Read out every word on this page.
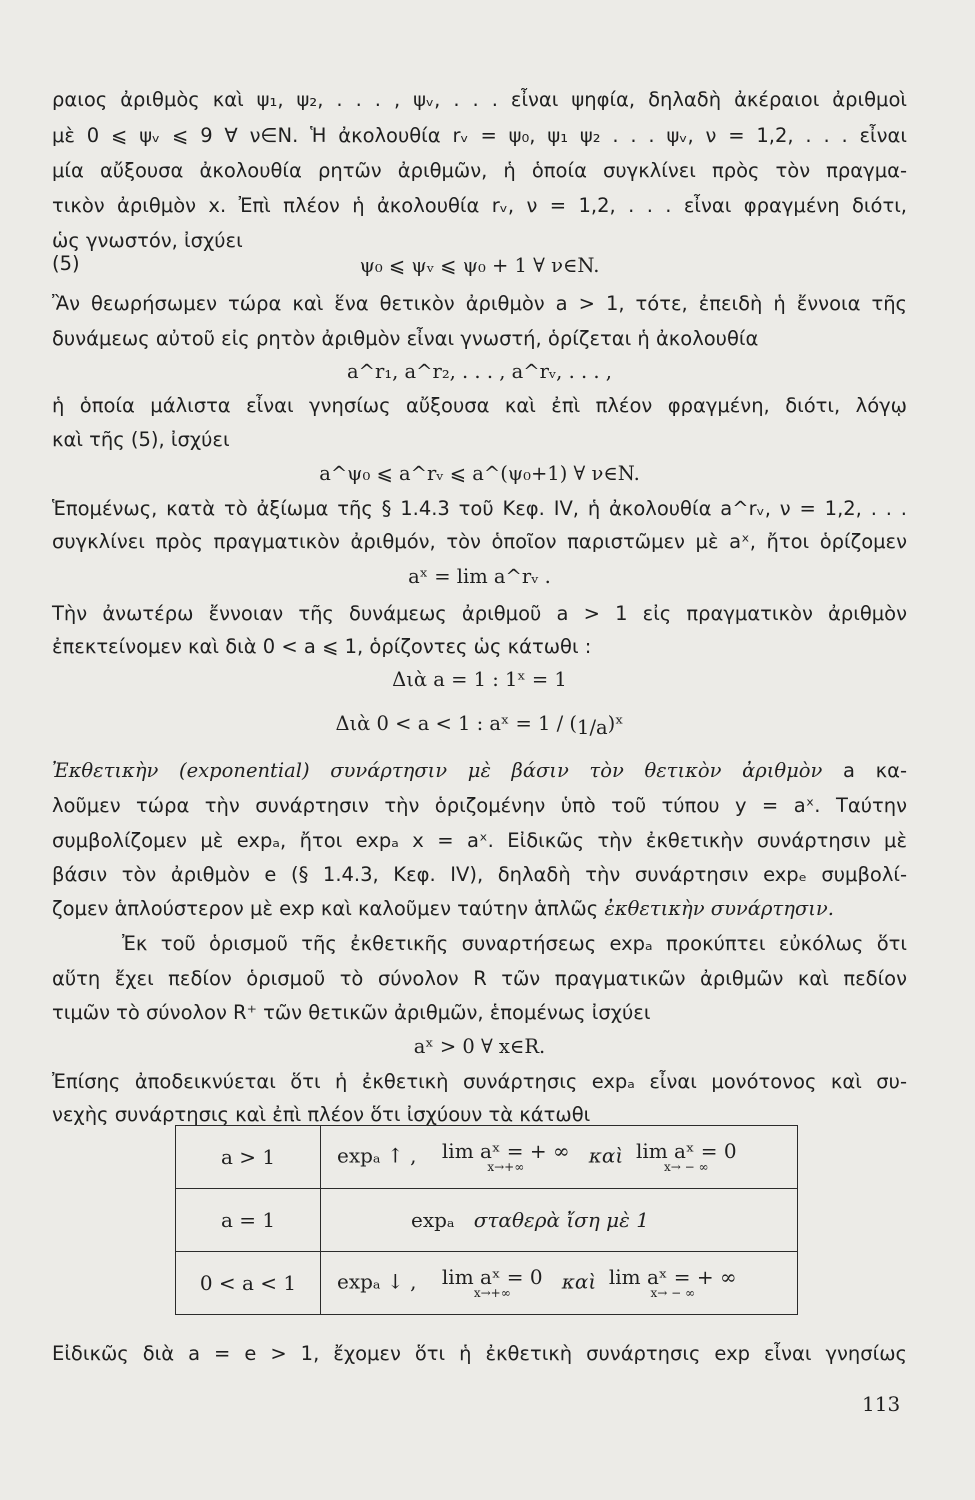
ραιος ἀριθμὸς καὶ ψ₁, ψ₂, . . . , ψᵥ, . . . εἶναι ψηφία, δηλαδὴ ἀκέραιοι ἀριθμοὶ
μὲ 0 ⩽ ψᵥ ⩽ 9 ∀ ν∈N. Ἡ ἀκολουθία rᵥ = ψ₀, ψ₁ ψ₂ . . . ψᵥ, ν = 1,2, . . . εἶναι
μία αὔξουσα ἀκολουθία ρητῶν ἀριθμῶν, ἡ ὁποία συγκλίνει πρὸς τὸν πραγμα-
τικὸν ἀριθμὸν x. Ἐπὶ πλέον ἡ ἀκολουθία rᵥ, ν = 1,2, . . . εἶναι φραγμένη διότι,
ὡς γνωστόν, ἰσχύει
(5)	ψ₀ ⩽ ψᵥ ⩽ ψ₀ + 1 ∀ ν∈N.
Ἂν θεωρήσωμεν τώρα καὶ ἕνα θετικὸν ἀριθμὸν a > 1, τότε, ἐπειδὴ ἡ ἔννοια τῆς
δυνάμεως αὐτοῦ εἰς ρητὸν ἀριθμὸν εἶναι γνωστή, ὁρίζεται ἡ ἀκολουθία
a^r₁, a^r₂, . . . , a^rᵥ, . . . ,
ἡ ὁποία μάλιστα εἶναι γνησίως αὔξουσα καὶ ἐπὶ πλέον φραγμένη, διότι, λόγῳ
καὶ τῆς (5), ἰσχύει
a^ψ₀ ⩽ a^rᵥ ⩽ a^(ψ₀+1) ∀ ν∈N.
Ἑπομένως, κατὰ τὸ ἀξίωμα τῆς § 1.4.3 τοῦ Κεφ. IV, ἡ ἀκολουθία a^rᵥ, ν = 1,2, . . .
συγκλίνει πρὸς πραγματικὸν ἀριθμόν, τὸν ὁποῖον παριστῶμεν μὲ aˣ, ἤτοι ὁρίζομεν
aˣ = lim a^rᵥ .
Τὴν ἀνωτέρω ἔννοιαν τῆς δυνάμεως ἀριθμοῦ a > 1 εἰς πραγματικὸν ἀριθμὸν
ἐπεκτείνομεν καὶ διὰ 0 < a ⩽ 1, ὁρίζοντες ὡς κάτωθι :
Διὰ a = 1 : 1ˣ = 1
Διὰ 0 < a < 1 : aˣ = 1 / (1/a)ˣ
Ἐκθετικὴν (exponential) συνάρτησιν μὲ βάσιν τὸν θετικὸν ἀριθμὸν a κα-
λοῦμεν τώρα τὴν συνάρτησιν τὴν ὁριζομένην ὑπὸ τοῦ τύπου y = aˣ. Ταύτην
συμβολίζομεν μὲ expₐ, ἤτοι expₐ x = aˣ. Εἰδικῶς τὴν ἐκθετικὴν συνάρτησιν μὲ
βάσιν τὸν ἀριθμὸν e (§ 1.4.3, Κεφ. IV), δηλαδὴ τὴν συνάρτησιν expₑ συμβολί-
ζομεν ἁπλούστερον μὲ exp καὶ καλοῦμεν ταύτην ἁπλῶς ἐκθετικὴν συνάρτησιν.
Ἐκ τοῦ ὁρισμοῦ τῆς ἐκθετικῆς συναρτήσεως expₐ προκύπτει εὐκόλως ὅτι
αὕτη ἔχει πεδίον ὁρισμοῦ τὸ σύνολον R τῶν πραγματικῶν ἀριθμῶν καὶ πεδίον
τιμῶν τὸ σύνολον R⁺ τῶν θετικῶν ἀριθμῶν, ἑπομένως ἰσχύει
aˣ > 0 ∀ x∈R.
Ἐπίσης ἀποδεικνύεται ὅτι ἡ ἐκθετικὴ συνάρτησις expₐ εἶναι μονότονος καὶ συ-
νεχὴς συνάρτησις καὶ ἐπὶ πλέον ὅτι ἰσχύουν τὰ κάτωθι
a > 1	expₐ ↑ , lim aˣ = + ∞
x→+∞ καὶ lim aˣ = 0
x→ − ∞

a = 1	expₐ σταθερὰ ἴση μὲ 1
0 < a < 1	expₐ ↓ , lim aˣ = 0
x→+∞ καὶ lim aˣ = + ∞
x→ − ∞
Εἰδικῶς διὰ a = e > 1, ἔχομεν ὅτι ἡ ἐκθετικὴ συνάρτησις exp εἶναι γνησίως
113
